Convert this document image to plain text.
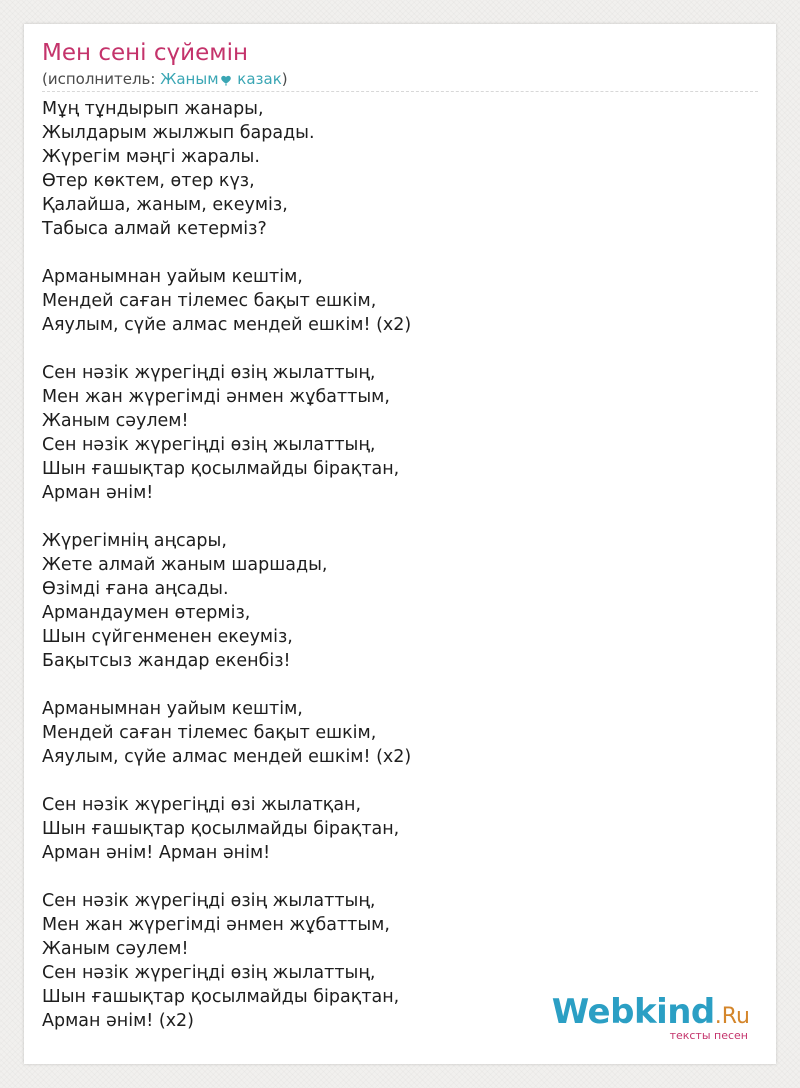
Мен сені сүйемін
(исполнитель: Жаным казак)
Мұң тұндырып жанары,
Жылдарым жылжып барады.
Жүрегім мәңгі жаралы.
Өтер көктем, өтер күз,
Қалайша, жаным, екеуміз,
Табыса алмай кетерміз?
Арманымнан уайым кештім,
Мендей саған тілемес бақыт ешкім,
Аяулым, сүйе алмас мендей ешкім! (x2)
Сен нәзік жүрегіңді өзің жылаттың,
Мен жан жүрегімді әнмен жұбаттым,
Жаным сәулем!
Сен нәзік жүрегіңді өзің жылаттың,
Шын ғашықтар қосылмайды бірақтан,
Арман әнім!
Жүрегімнің аңсары,
Жете алмай жаным шаршады,
Өзімді ғана аңсады.
Армандаумен өтерміз,
Шын сүйгенменен екеуміз,
Бақытсыз жандар екенбіз!
Арманымнан уайым кештім,
Мендей саған тілемес бақыт ешкім,
Аяулым, сүйе алмас мендей ешкім! (x2)
Сен нәзік жүрегіңді өзі жылатқан,
Шын ғашықтар қосылмайды бірақтан,
Арман әнім! Арман әнім!
Сен нәзік жүрегіңді өзің жылаттың,
Мен жан жүрегімді әнмен жұбаттым,
Жаным сәулем!
Сен нәзік жүрегіңді өзің жылаттың,
Шын ғашықтар қосылмайды бірақтан,
Арман әнім! (x2)	Webkind.Ru
тексты песен
